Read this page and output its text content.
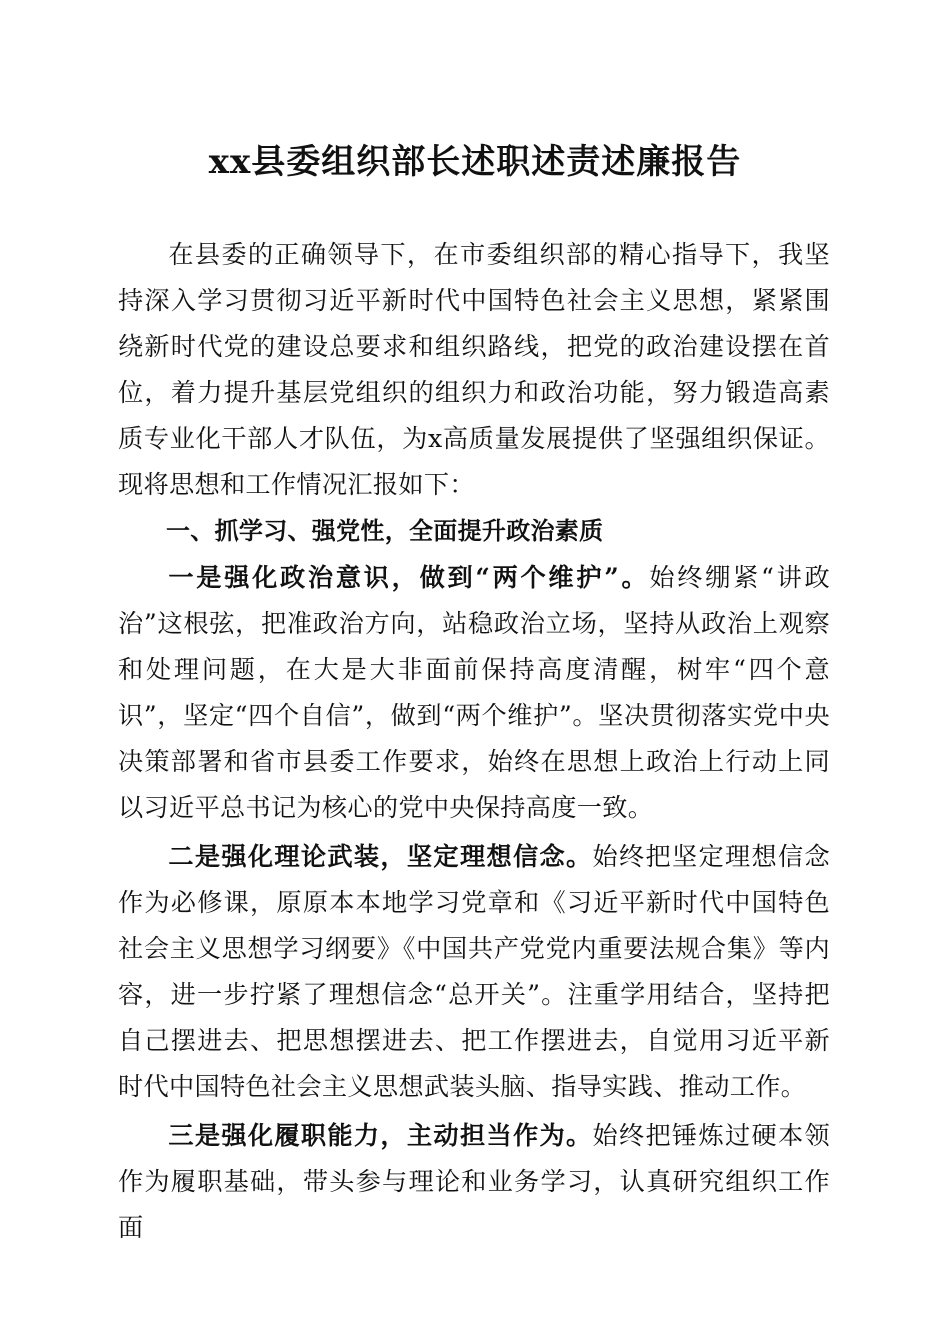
xx县委组织部长述职述责述廉报告

在县委的正确领导下，在市委组织部的精心指导下，我坚持深入学习贯彻习近平新时代中国特色社会主义思想，紧紧围绕新时代党的建设总要求和组织路线，把党的政治建设摆在首位，着力提升基层党组织的组织力和政治功能，努力锻造高素质专业化干部人才队伍，为x高质量发展提供了坚强组织保证。现将思想和工作情况汇报如下：

一、抓学习、强党性，全面提升政治素质

一是强化政治意识，做到“两个维护”。始终绷紧“讲政治”这根弦，把准政治方向，站稳政治立场，坚持从政治上观察和处理问题，在大是大非面前保持高度清醒，树牢“四个意识”，坚定“四个自信”，做到“两个维护”。坚决贯彻落实党中央决策部署和省市县委工作要求，始终在思想上政治上行动上同以习近平总书记为核心的党中央保持高度一致。

二是强化理论武装，坚定理想信念。始终把坚定理想信念作为必修课，原原本本地学习党章和《习近平新时代中国特色社会主义思想学习纲要》《中国共产党党内重要法规合集》等内容，进一步拧紧了理想信念“总开关”。注重学用结合，坚持把自己摆进去、把思想摆进去、把工作摆进去，自觉用习近平新时代中国特色社会主义思想武装头脑、指导实践、推动工作。

三是强化履职能力，主动担当作为。始终把锤炼过硬本领作为履职基础，带头参与理论和业务学习，认真研究组织工作面
